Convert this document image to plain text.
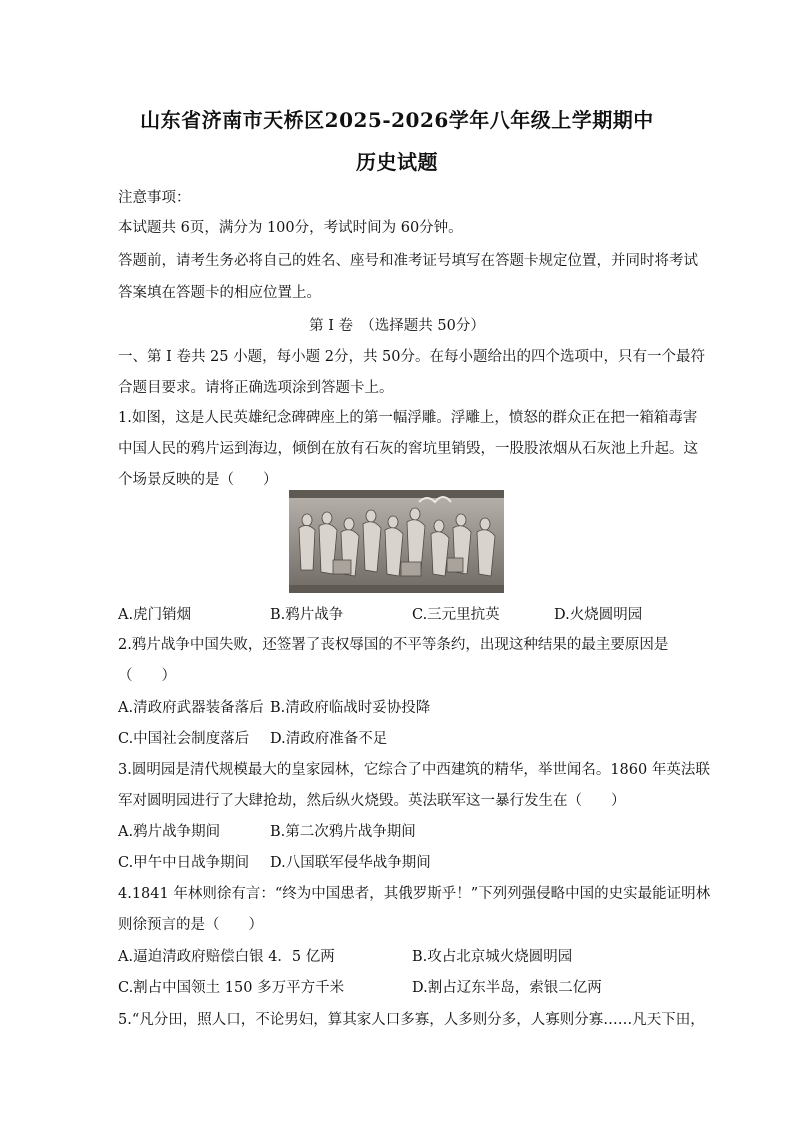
山东省济南市天桥区2025-2026学年八年级上学期期中
历史试题
注意事项：
本试题共 6页，满分为 100分，考试时间为 60分钟。
答题前，请考生务必将自己的姓名、座号和准考证号填写在答题卡规定位置，并同时将考试
答案填在答题卡的相应位置上。
第 I 卷　（选择题共 50分）
一、第 I 卷共 25 小题，每小题 2分，共 50分。在每小题给出的四个选项中，只有一个最符
合题目要求。请将正确选项涂到答题卡上。
1.如图，这是人民英雄纪念碑碑座上的第一幅浮雕。浮雕上，愤怒的群众正在把一箱箱毒害
中国人民的鸦片运到海边，倾倒在放有石灰的窖坑里销毁，一股股浓烟从石灰池上升起。这
个场景反映的是（　　）
A.虎门销烟	B.鸦片战争	C.三元里抗英	D.火烧圆明园
2.鸦片战争中国失败，还签署了丧权辱国的不平等条约，出现这种结果的最主要原因是
（　　）
A.清政府武器装备落后 B.清政府临战时妥协投降
C.中国社会制度落后 D.清政府准备不足
3.圆明园是清代规模最大的皇家园林，它综合了中西建筑的精华，举世闻名。1860 年英法联
军对圆明园进行了大肆抢劫，然后纵火烧毁。英法联军这一暴行发生在（　　）
A.鸦片战争期间	B.第二次鸦片战争期间
C.甲午中日战争期间 D.八国联军侵华战争期间
4.1841 年林则徐有言：“终为中国患者，其俄罗斯乎！”下列列强侵略中国的史实最能证明林
则徐预言的是（　　）
A.逼迫清政府赔偿白银 4．5 亿两	B.攻占北京城火烧圆明园
C.割占中国领土 150 多万平方千米	D.割占辽东半岛，索银二亿两
5.“凡分田，照人口，不论男妇，算其家人口多寡，人多则分多，人寡则分寡……凡天下田，
